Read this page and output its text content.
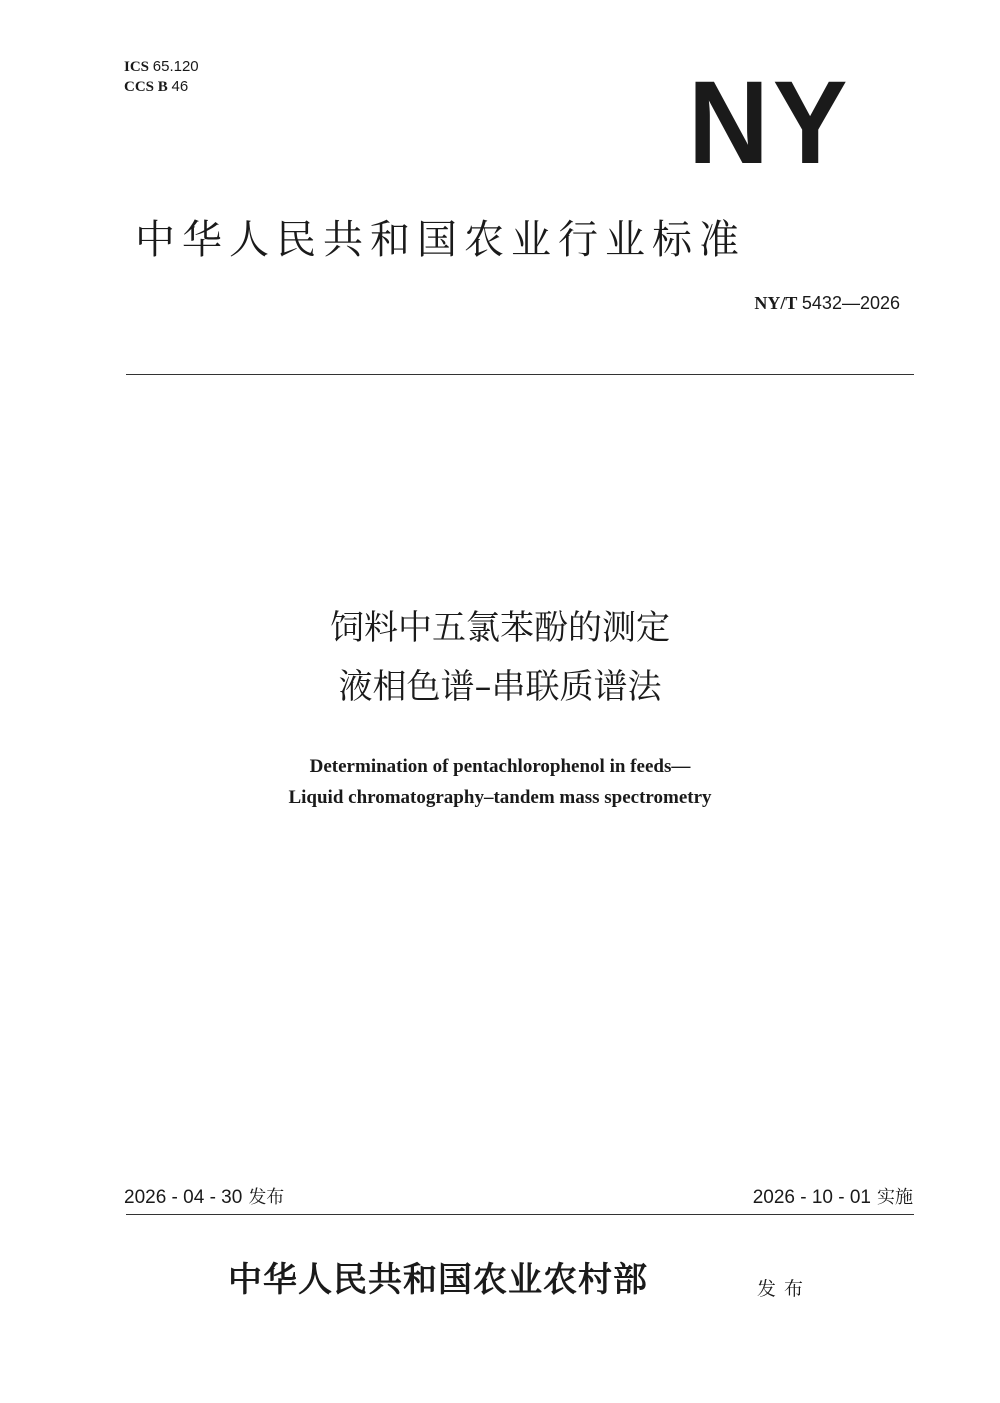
ICS 65.120
CCS B 46	NY
中华人民共和国农业行业标准
NY/T 5432—2026
饲料中五氯苯酚的测定
液相色谱–串联质谱法
Determination of pentachlorophenol in feeds—
Liquid chromatography–tandem mass spectrometry
2026 - 04 - 30 发布	2026 - 10 - 01 实施
中华人民共和国农业农村部	发布
